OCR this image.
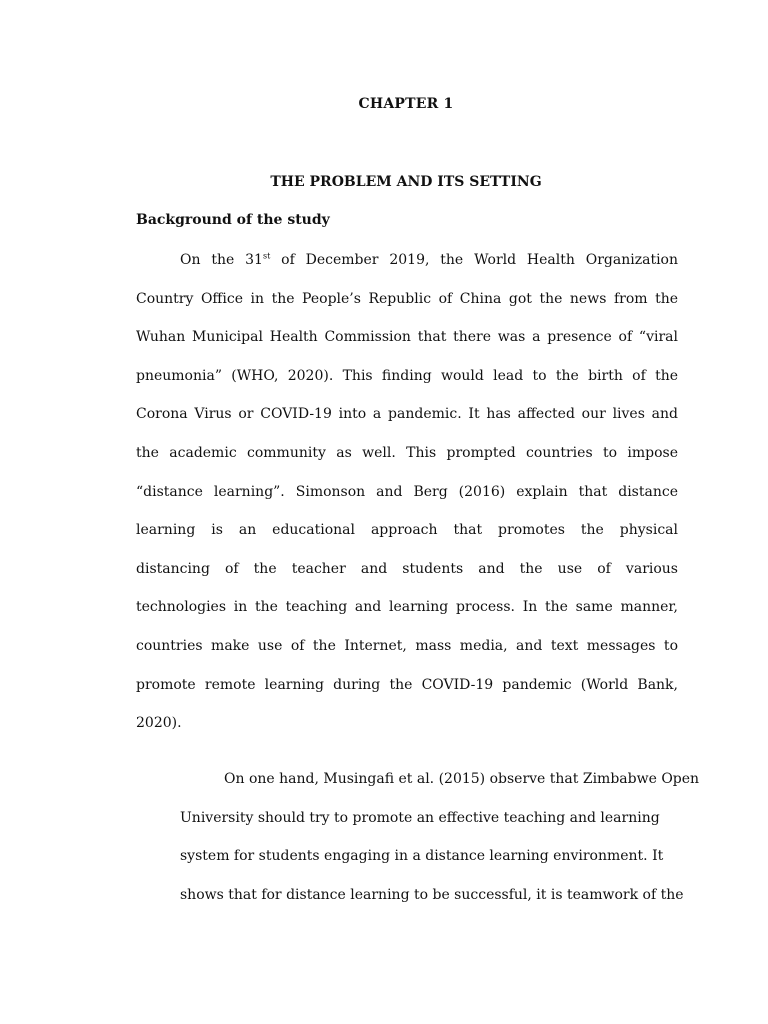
CHAPTER 1
THE PROBLEM AND ITS SETTING
Background of the study
On the 31st of December 2019, the World Health Organization
Country Office in the People’s Republic of China got the news from the
Wuhan Municipal Health Commission that there was a presence of “viral
pneumonia” (WHO, 2020). This finding would lead to the birth of the
Corona Virus or COVID-19 into a pandemic. It has affected our lives and
the academic community as well. This prompted countries to impose
“distance learning”. Simonson and Berg (2016) explain that distance
learning is an educational approach that promotes the physical
distancing of the teacher and students and the use of various
technologies in the teaching and learning process. In the same manner,
countries make use of the Internet, mass media, and text messages to
promote remote learning during the COVID-19 pandemic (World Bank,
2020).
On one hand, Musingafi et al. (2015) observe that Zimbabwe Open
University should try to promote an effective teaching and learning
system for students engaging in a distance learning environment. It
shows that for distance learning to be successful, it is teamwork of the
